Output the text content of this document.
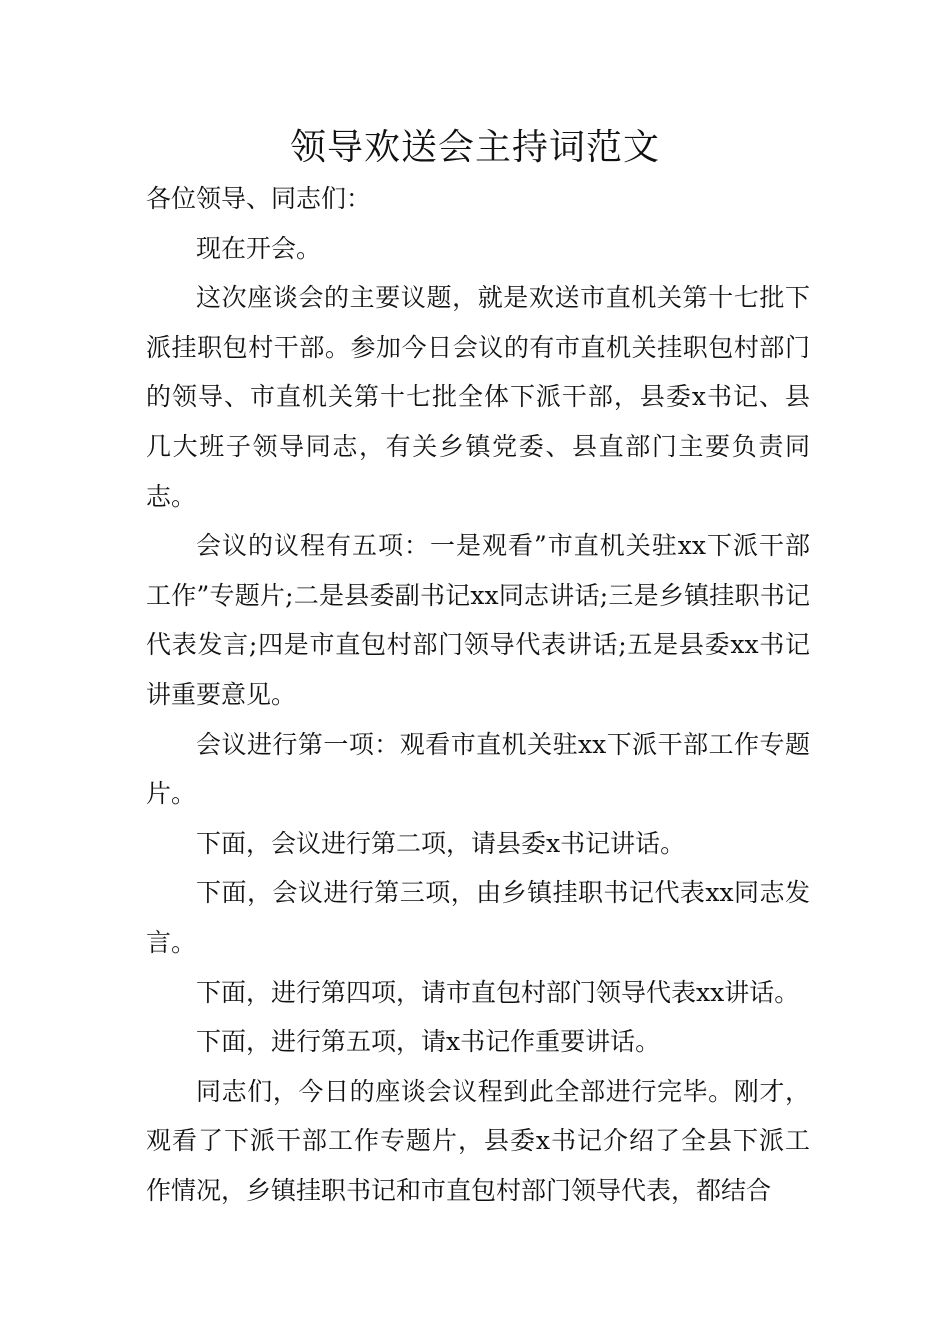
领导欢送会主持词范文

各位领导、同志们：

现在开会。

这次座谈会的主要议题，就是欢送市直机关第十七批下派挂职包村干部。参加今日会议的有市直机关挂职包村部门的领导、市直机关第十七批全体下派干部，县委x书记、县几大班子领导同志，有关乡镇党委、县直部门主要负责同志。

会议的议程有五项：一是观看”市直机关驻xx下派干部工作”专题片;二是县委副书记xx同志讲话;三是乡镇挂职书记代表发言;四是市直包村部门领导代表讲话;五是县委xx书记讲重要意见。

会议进行第一项：观看市直机关驻xx下派干部工作专题片。

下面，会议进行第二项，请县委x书记讲话。

下面，会议进行第三项，由乡镇挂职书记代表xx同志发言。

下面，进行第四项，请市直包村部门领导代表xx讲话。

下面，进行第五项，请x书记作重要讲话。

同志们，今日的座谈会议程到此全部进行完毕。刚才，观看了下派干部工作专题片，县委x书记介绍了全县下派工作情况，乡镇挂职书记和市直包村部门领导代表，都结合
